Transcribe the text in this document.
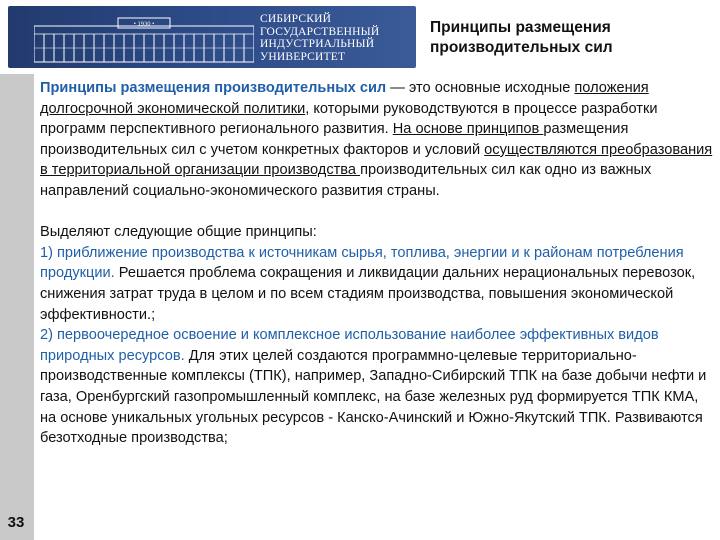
• 1930 •	СИБИРСКИЙ
ГОСУДАРСТВЕННЫЙ
ИНДУСТРИАЛЬНЫЙ
УНИВЕРСИТЕТ
Принципы размещения
производительных сил
33

Принципы размещения производительных сил — это основные исходные положения долгосрочной экономической политики, которыми руководствуются в процессе разработки программ перспективного регионального развития. На основе принципов размещения производительных сил с учетом конкретных факторов и условий осуществляются преобразования в территориальной организации производства производительных сил как одно из важных направлений социально-экономического развития страны.

Выделяют следующие общие принципы:

1) приближение производства к источникам сырья, топлива, энергии и к районам потребления продукции. Решается проблема сокращения и ликвидации дальних нерациональных перевозок, снижения затрат труда в целом и по всем стадиям производства, повышения экономической эффективности.;

2) первоочередное освоение и комплексное использование наиболее эффективных видов природных ресурсов. Для этих целей создаются программно-целевые территориально-производственные комплексы (ТПК), например, Западно-Сибирский ТПК на базе добычи нефти и газа, Оренбургский газопромышленный комплекс, на базе железных руд формируется ТПК КМА, на основе уникальных угольных ресурсов - Канско-Ачинский и Южно-Якутский ТПК. Развиваются безотходные производства;
